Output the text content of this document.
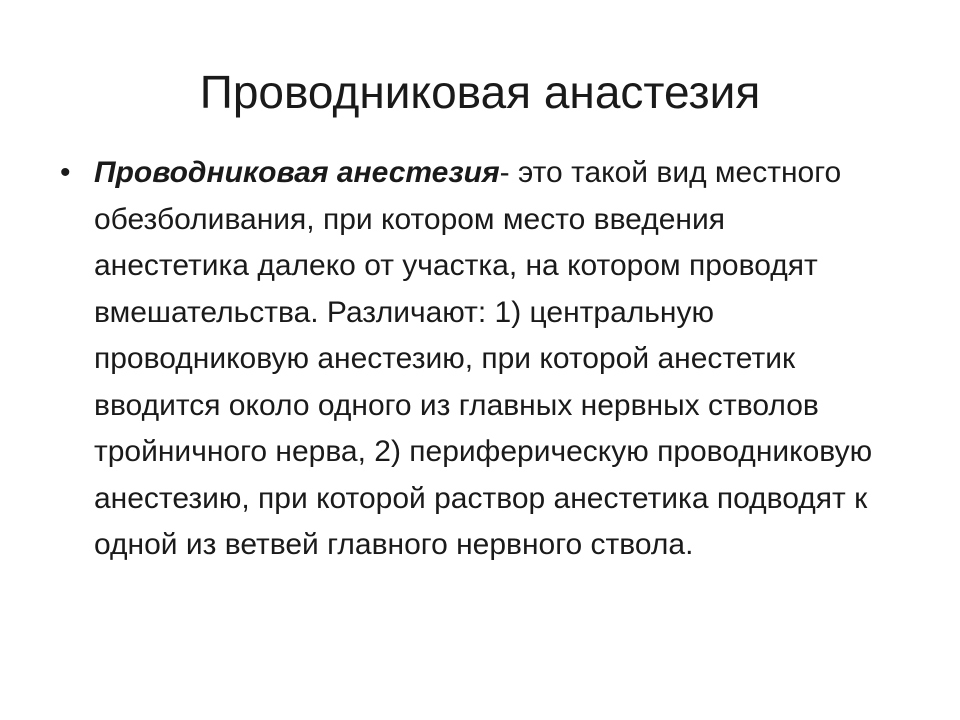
Проводниковая анастезия
• Проводниковая анестезия- это такой вид местного обезболивания, при котором место введения анестетика далеко от участка, на котором проводят вмешательства. Различают: 1) центральную проводниковую анестезию, при которой анестетик вводится около одного из главных нервных стволов тройничного нерва, 2) периферическую проводниковую анестезию, при которой раствор анестетика подводят к одной из ветвей главного нервного ствола.
